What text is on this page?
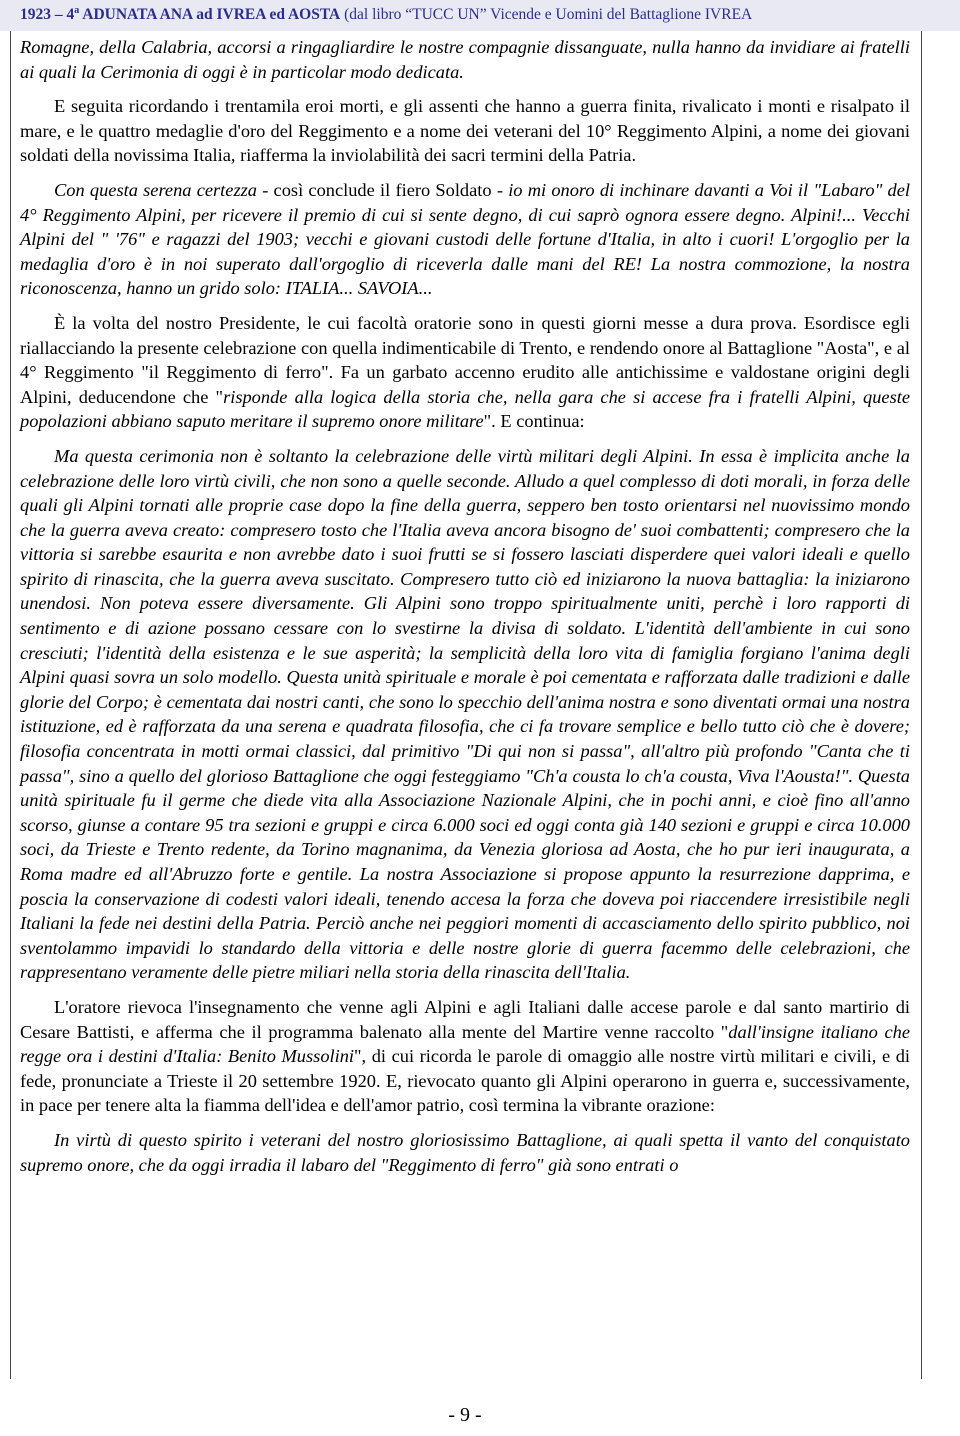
1923 – 4$^a$ ADUNATA ANA ad IVREA ed AOSTA (dal libro “TUCC UN” Vicende e Uomini del Battaglione IVREA

Romagne, della Calabria, accorsi a ringagliardire le nostre compagnie dissanguate, nulla hanno da invidiare ai fratelli ai quali la Cerimonia di oggi è in particolar modo dedicata.

E seguita ricordando i trentamila eroi morti, e gli assenti che hanno a guerra finita, rivalicato i monti e risalpato il mare, e le quattro medaglie d'oro del Reggimento e a nome dei veterani del 10° Reggimento Alpini, a nome dei giovani soldati della novissima Italia, riafferma la inviolabilità dei sacri termini della Patria.

Con questa serena certezza - così conclude il fiero Soldato - io mi onoro di inchinare davanti a Voi il "Labaro" del 4° Reggimento Alpini, per ricevere il premio di cui si sente degno, di cui saprò ognora essere degno. Alpini!... Vecchi Alpini del " '76" e ragazzi del 1903; vecchi e giovani custodi delle fortune d'Italia, in alto i cuori! L'orgoglio per la medaglia d'oro è in noi superato dall'orgoglio di riceverla dalle mani del RE! La nostra commozione, la nostra riconoscenza, hanno un grido solo: ITALIA... SAVOIA...

È la volta del nostro Presidente, le cui facoltà oratorie sono in questi giorni messe a dura prova. Esordisce egli riallacciando la presente celebrazione con quella indimenticabile di Trento, e rendendo onore al Battaglione "Aosta", e al 4° Reggimento "il Reggimento di ferro". Fa un garbato accenno erudito alle antichissime e valdostane origini degli Alpini, deducendone che "risponde alla logica della storia che, nella gara che si accese fra i fratelli Alpini, queste popolazioni abbiano saputo meritare il supremo onore militare". E continua:

Ma questa cerimonia non è soltanto la celebrazione delle virtù militari degli Alpini. In essa è implicita anche la celebrazione delle loro virtù civili, che non sono a quelle seconde. Alludo a quel complesso di doti morali, in forza delle quali gli Alpini tornati alle proprie case dopo la fine della guerra, seppero ben tosto orientarsi nel nuovissimo mondo che la guerra aveva creato: compresero tosto che l'Italia aveva ancora bisogno de' suoi combattenti; compresero che la vittoria si sarebbe esaurita e non avrebbe dato i suoi frutti se si fossero lasciati disperdere quei valori ideali e quello spirito di rinascita, che la guerra aveva suscitato. Compresero tutto ciò ed iniziarono la nuova battaglia: la iniziarono unendosi. Non poteva essere diversamente. Gli Alpini sono troppo spiritualmente uniti, perchè i loro rapporti di sentimento e di azione possano cessare con lo svestirne la divisa di soldato. L'identità dell'ambiente in cui sono cresciuti; l'identità della esistenza e le sue asperità; la semplicità della loro vita di famiglia forgiano l'anima degli Alpini quasi sovra un solo modello. Questa unità spirituale e morale è poi cementata e rafforzata dalle tradizioni e dalle glorie del Corpo; è cementata dai nostri canti, che sono lo specchio dell'anima nostra e sono diventati ormai una nostra istituzione, ed è rafforzata da una serena e quadrata filosofia, che ci fa trovare semplice e bello tutto ciò che è dovere; filosofia concentrata in motti ormai classici, dal primitivo "Di qui non si passa", all'altro più profondo "Canta che ti passa", sino a quello del glorioso Battaglione che oggi festeggiamo "Ch'a cousta lo ch'a cousta, Viva l'Aousta!". Questa unità spirituale fu il germe che diede vita alla Associazione Nazionale Alpini, che in pochi anni, e cioè fino all'anno scorso, giunse a contare 95 tra sezioni e gruppi e circa 6.000 soci ed oggi conta già 140 sezioni e gruppi e circa 10.000 soci, da Trieste e Trento redente, da Torino magnanima, da Venezia gloriosa ad Aosta, che ho pur ieri inaugurata, a Roma madre ed all'Abruzzo forte e gentile. La nostra Associazione si propose appunto la resurrezione dapprima, e poscia la conservazione di codesti valori ideali, tenendo accesa la forza che doveva poi riaccendere irresistibile negli Italiani la fede nei destini della Patria. Perciò anche nei peggiori momenti di accasciamento dello spirito pubblico, noi sventolammo impavidi lo standardo della vittoria e delle nostre glorie di guerra facemmo delle celebrazioni, che rappresentano veramente delle pietre miliari nella storia della rinascita dell'Italia.

L'oratore rievoca l'insegnamento che venne agli Alpini e agli Italiani dalle accese parole e dal santo martirio di Cesare Battisti, e afferma che il programma balenato alla mente del Martire venne raccolto "dall'insigne italiano che regge ora i destini d'Italia: Benito Mussolini", di cui ricorda le parole di omaggio alle nostre virtù militari e civili, e di fede, pronunciate a Trieste il 20 settembre 1920. E, rievocato quanto gli Alpini operarono in guerra e, successivamente, in pace per tenere alta la fiamma dell'idea e dell'amor patrio, così termina la vibrante orazione:

In virtù di questo spirito i veterani del nostro gloriosissimo Battaglione, ai quali spetta il vanto del conquistato supremo onore, che da oggi irradia il labaro del "Reggimento di ferro" già sono entrati o

- 9 -
